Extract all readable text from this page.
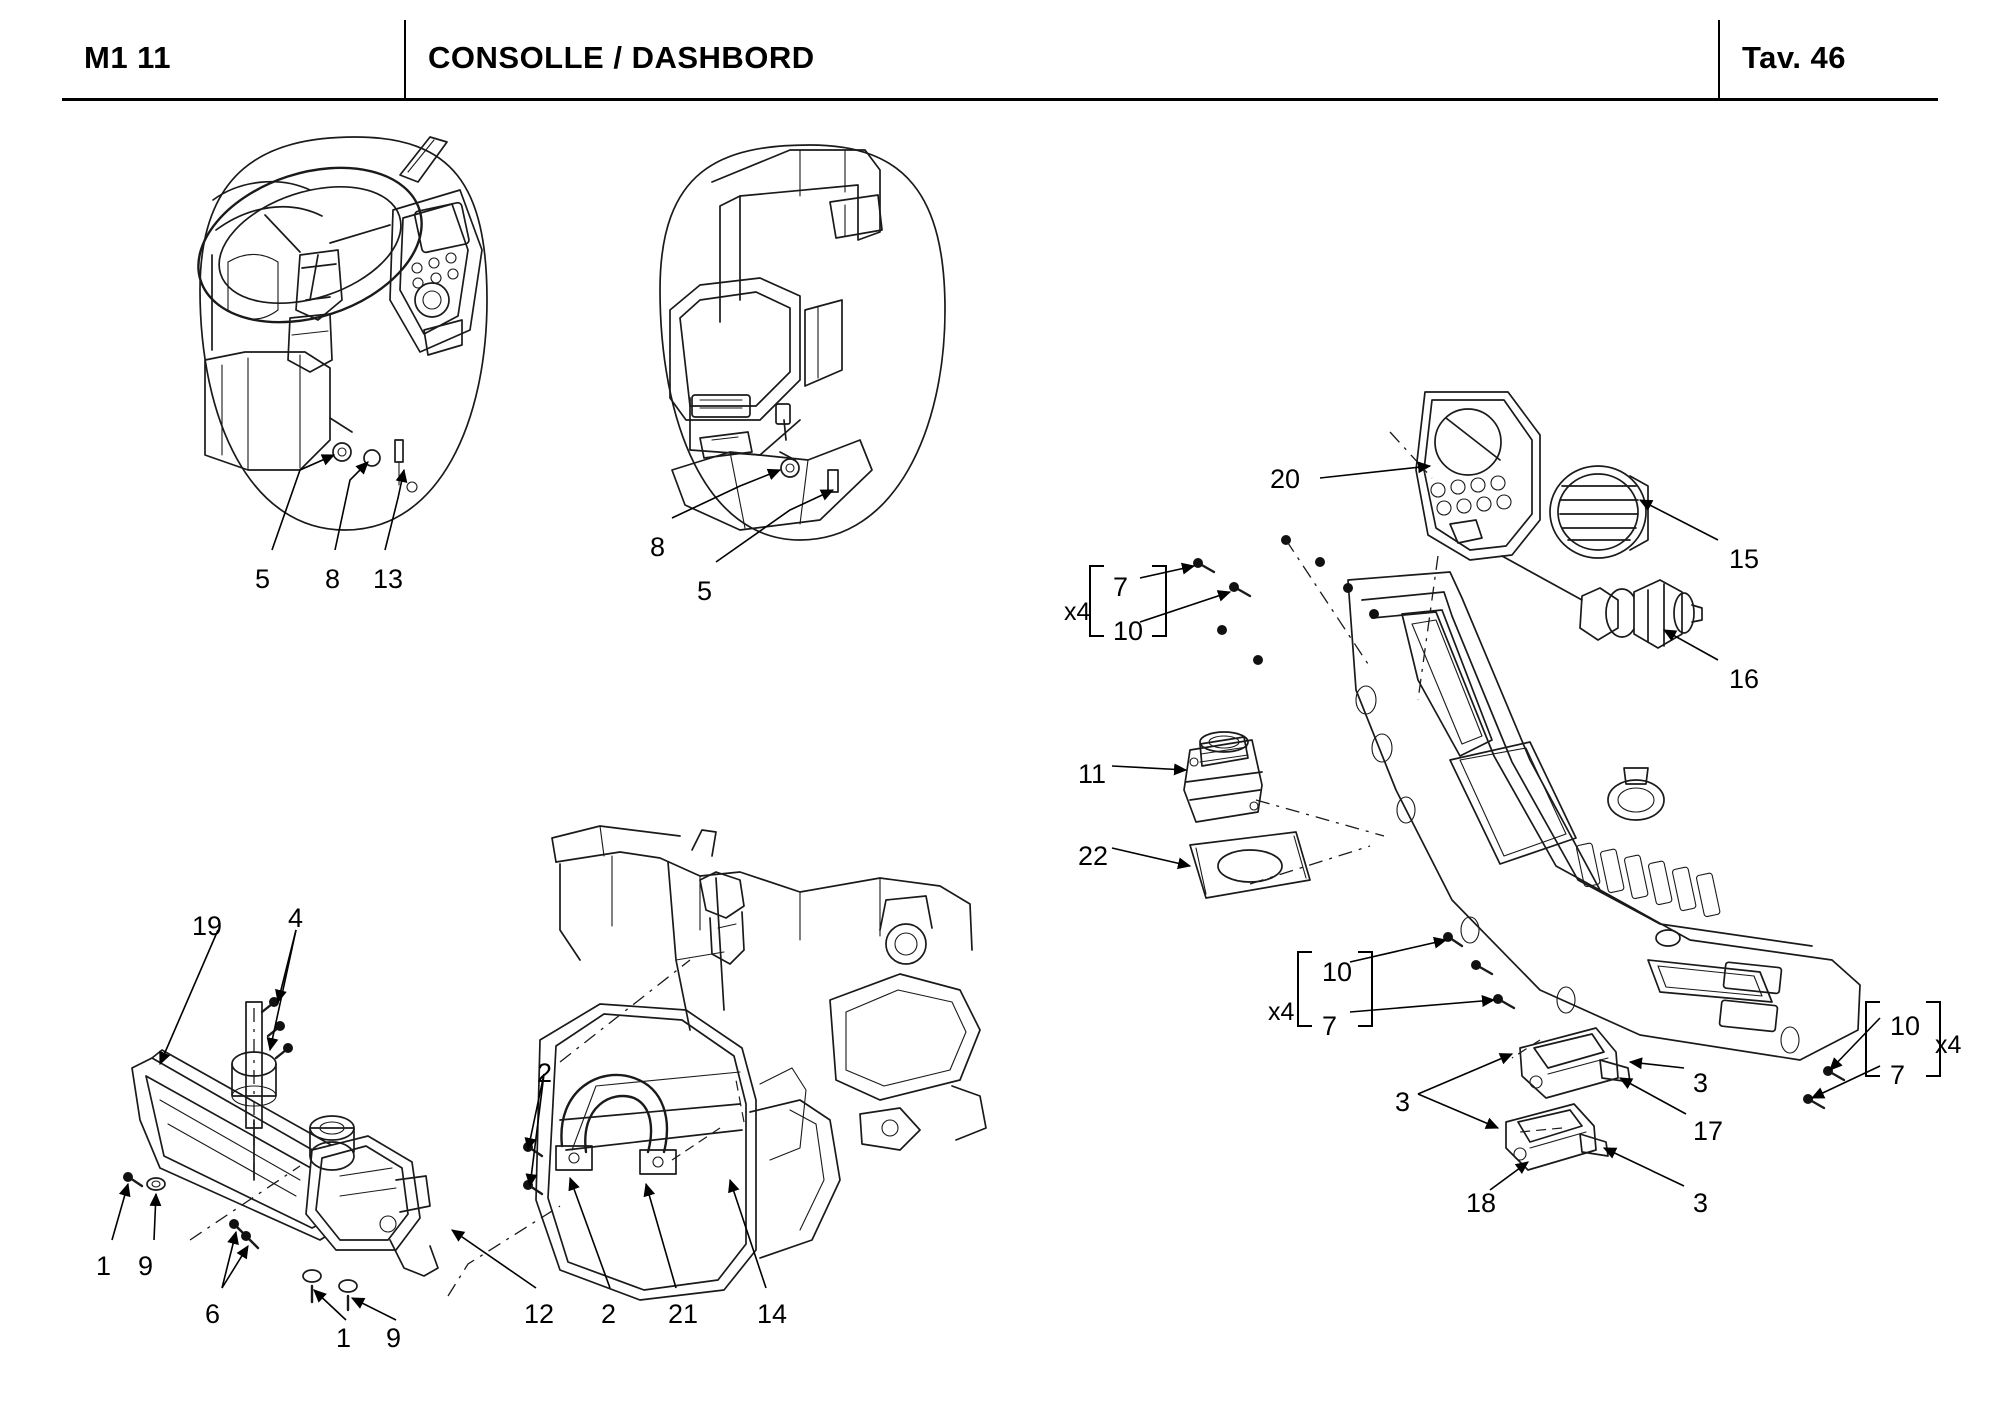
M1 11	CONSOLLE / DASHBORD	Tav. 46
5 8 13
8
5
20
15
16
7
10
11
22
10
7
3
3
17
3
18
10
7
19 4
1 9
6
1 9
12
2
2 21 14
x4
x4
x4
